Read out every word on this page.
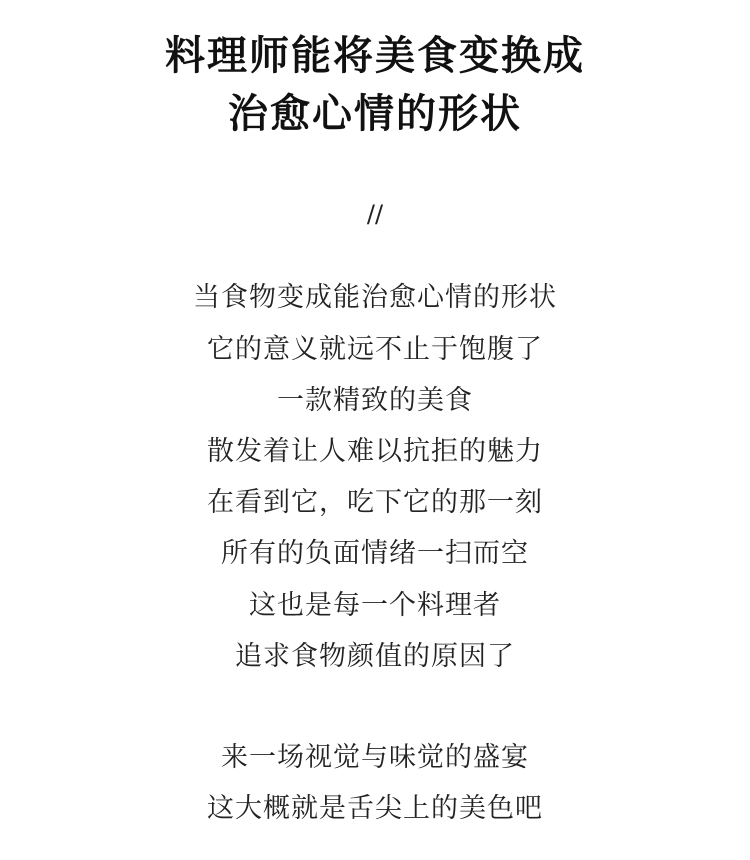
料理师能将美食变换成
治愈心情的形状
//
当食物变成能治愈心情的形状
它的意义就远不止于饱腹了
一款精致的美食
散发着让人难以抗拒的魅力
在看到它，吃下它的那一刻
所有的负面情绪一扫而空
这也是每一个料理者
追求食物颜值的原因了
来一场视觉与味觉的盛宴
这大概就是舌尖上的美色吧
